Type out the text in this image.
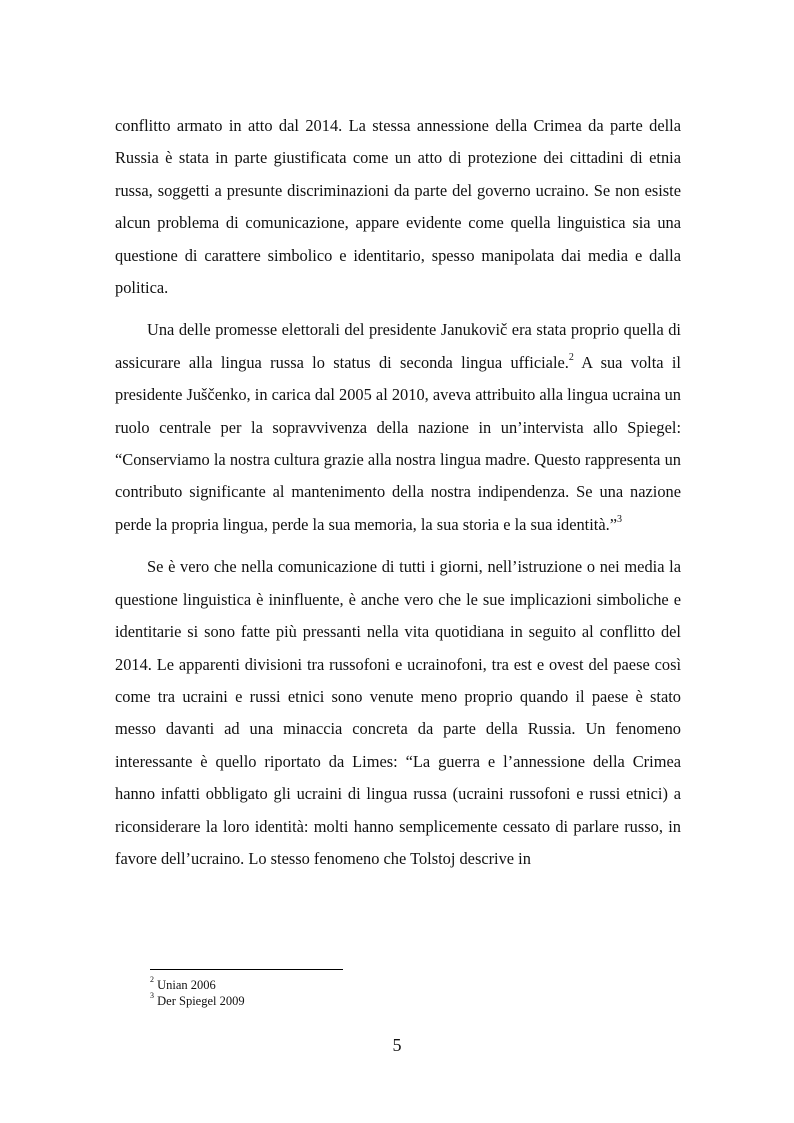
conflitto armato in atto dal 2014. La stessa annessione della Crimea da parte della Russia è stata in parte giustificata come un atto di protezione dei cittadini di etnia russa, soggetti a presunte discriminazioni da parte del governo ucraino. Se non esiste alcun problema di comunicazione, appare evidente come quella linguistica sia una questione di carattere simbolico e identitario, spesso manipolata dai media e dalla politica.

Una delle promesse elettorali del presidente Janukovič era stata proprio quella di assicurare alla lingua russa lo status di seconda lingua ufficiale.$^2$ A sua volta il presidente Juščenko, in carica dal 2005 al 2010, aveva attribuito alla lingua ucraina un ruolo centrale per la sopravvivenza della nazione in un’intervista allo Spiegel: “Conserviamo la nostra cultura grazie alla nostra lingua madre. Questo rappresenta un contributo significante al mantenimento della nostra indipendenza. Se una nazione perde la propria lingua, perde la sua memoria, la sua storia e la sua identità.”$^3$

Se è vero che nella comunicazione di tutti i giorni, nell’istruzione o nei media la questione linguistica è ininfluente, è anche vero che le sue implicazioni simboliche e identitarie si sono fatte più pressanti nella vita quotidiana in seguito al conflitto del 2014. Le apparenti divisioni tra russofoni e ucrainofoni, tra est e ovest del paese così come tra ucraini e russi etnici sono venute meno proprio quando il paese è stato messo davanti ad una minaccia concreta da parte della Russia. Un fenomeno interessante è quello riportato da Limes: “La guerra e l’annessione della Crimea hanno infatti obbligato gli ucraini di lingua russa (ucraini russofoni e russi etnici) a riconsiderare la loro identità: molti hanno semplicemente cessato di parlare russo, in favore dell’ucraino. Lo stesso fenomeno che Tolstoj descrive in

$^2$ Unian 2006
$^3$ Der Spiegel 2009
5
